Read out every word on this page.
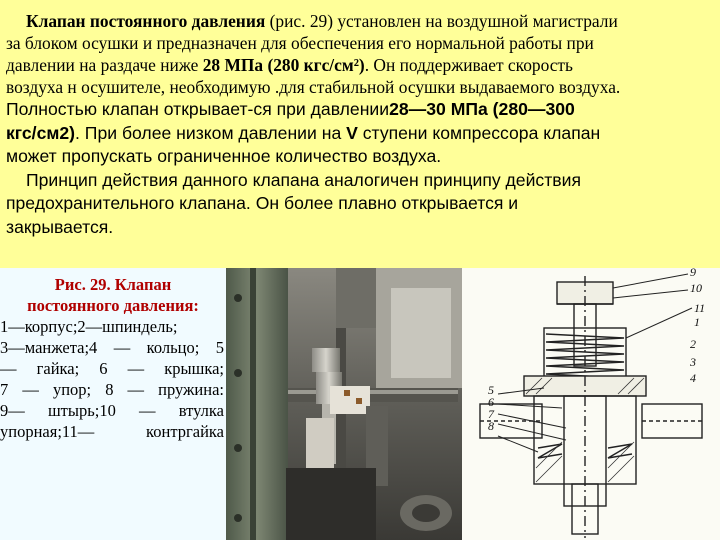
Клапан постоянного давления (рис. 29) установлен на воздушной магистрали

за блоком осушки и предназначен для обеспечения его нормальной работы при

давлении на раздаче ниже 28 МПа (280 кгс/см²). Он поддерживает скорость

воздуха н осушителе, необходимую .для стабильной осушки выдаваемого воздуха.

Полностью клапан открывает-ся при давлении28—30 МПа (280—300

кгс/см2). При более низком давлении на V ступени компрессора клапан

может пропускать ограниченное количество воздуха.

Принцип действия данного клапана аналогичен принципу действия

предохранительного клапана. Он более плавно открывается и

закрывается.

Рис. 29. Клапан

постоянного давления:

1—корпус;2—шпиндель;

3—манжета;4 — кольцо; 5

— гайка; 6 — крышка;

7 — упор; 8 — пружина:

9— штырь;10 — втулка

упорная;11— контргайка

9
10
11
1
2
3
4
5
6
7
8
